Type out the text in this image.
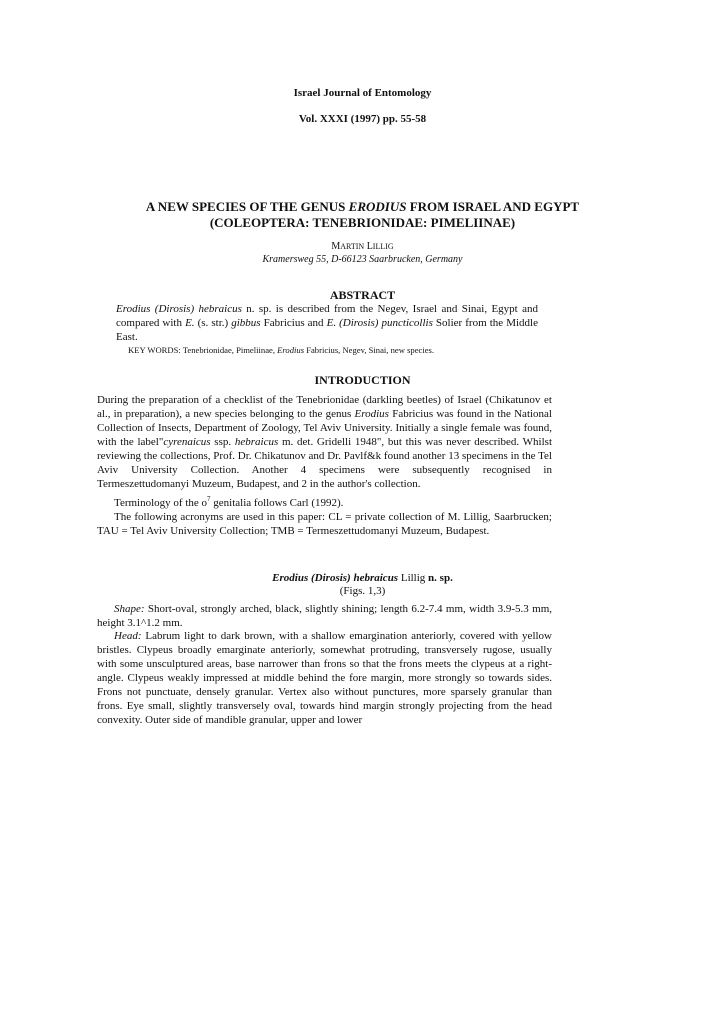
Israel Journal of Entomology
Vol. XXXI (1997) pp. 55-58
A NEW SPECIES OF THE GENUS ERODIUS FROM ISRAEL AND EGYPT
(COLEOPTERA: TENEBRIONIDAE: PIMELIINAE)
MARTIN LILLIG
Kramersweg 55, D-66123 Saarbrucken, Germany
ABSTRACT
Erodius (Dirosis) hebraicus n. sp. is described from the Negev, Israel and Sinai, Egypt and compared with E. (s. str.) gibbus Fabricius and E. (Dirosis) puncticollis Solier from the Middle East.
KEY WORDS: Tenebrionidae, Pimeliinae, Erodius Fabricius, Negev, Sinai, new species.
INTRODUCTION
During the preparation of a checklist of the Tenebrionidae (darkling beetles) of Israel (Chikatunov et al., in preparation), a new species belonging to the genus Erodius Fabricius was found in the National Collection of Insects, Department of Zoology, Tel Aviv University. Initially a single female was found, with the label"cyrenaicus ssp. hebraicus m. det. Gridelli 1948", but this was never described. Whilst reviewing the collections, Prof. Dr. Chikatunov and Dr. Pavlf&k found another 13 specimens in the Tel Aviv University Collection. Another 4 specimens were subsequently recognised in Termeszettudomanyi Muzeum, Budapest, and 2 in the author's collection.
Terminology of the $o^7$ genitalia follows Carl (1992).
The following acronyms are used in this paper: CL = private collection of M. Lillig, Saarbrucken; TAU = Tel Aviv University Collection; TMB = Termeszettudomanyi Muzeum, Budapest.
Erodius (Dirosis) hebraicus Lillig n. sp.
(Figs. 1,3)
Shape: Short-oval, strongly arched, black, slightly shining; length 6.2-7.4 mm, width 3.9-5.3 mm, height 3.1^1.2 mm.
Head: Labrum light to dark brown, with a shallow emargination anteriorly, covered with yellow bristles. Clypeus broadly emarginate anteriorly, somewhat protruding, transversely rugose, usually with some unsculptured areas, base narrower than frons so that the frons meets the clypeus at a right-angle. Clypeus weakly impressed at middle behind the fore margin, more strongly so towards sides. Frons not punctuate, densely granular. Vertex also without punctures, more sparsely granular than frons. Eye small, slightly transversely oval, towards hind margin strongly projecting from the head convexity. Outer side of mandible granular, upper and lower
